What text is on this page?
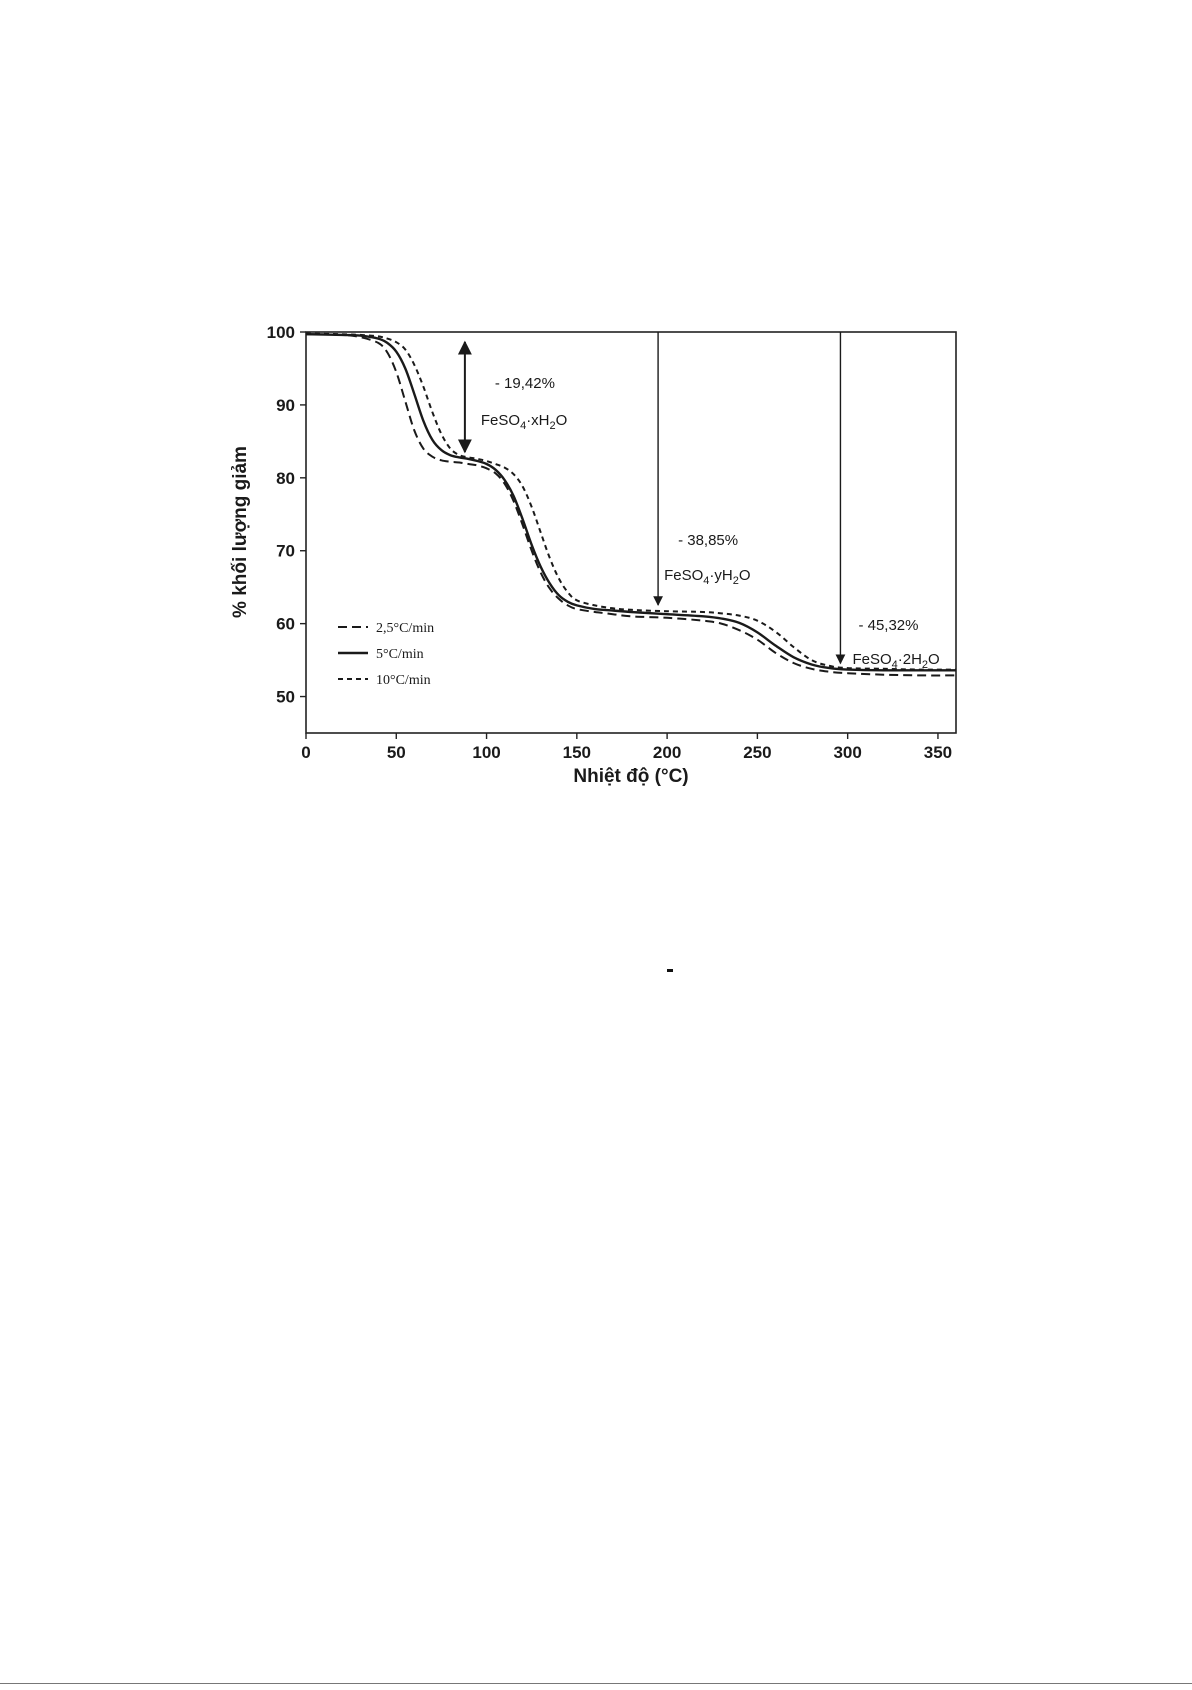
0	50	100	150	200	250	300	350
50
60
70
80
90
100
- 19,42%
$FeSO_4\cdot xH_2O$
- 38,85%
$FeSO_4\cdot yH_2O$
- 45,32%
$FeSO_4\cdot 2H_2O$
2,5°C/min
5°C/min
10°C/min
Nhiệt độ (°C)
% khối lượng giảm
